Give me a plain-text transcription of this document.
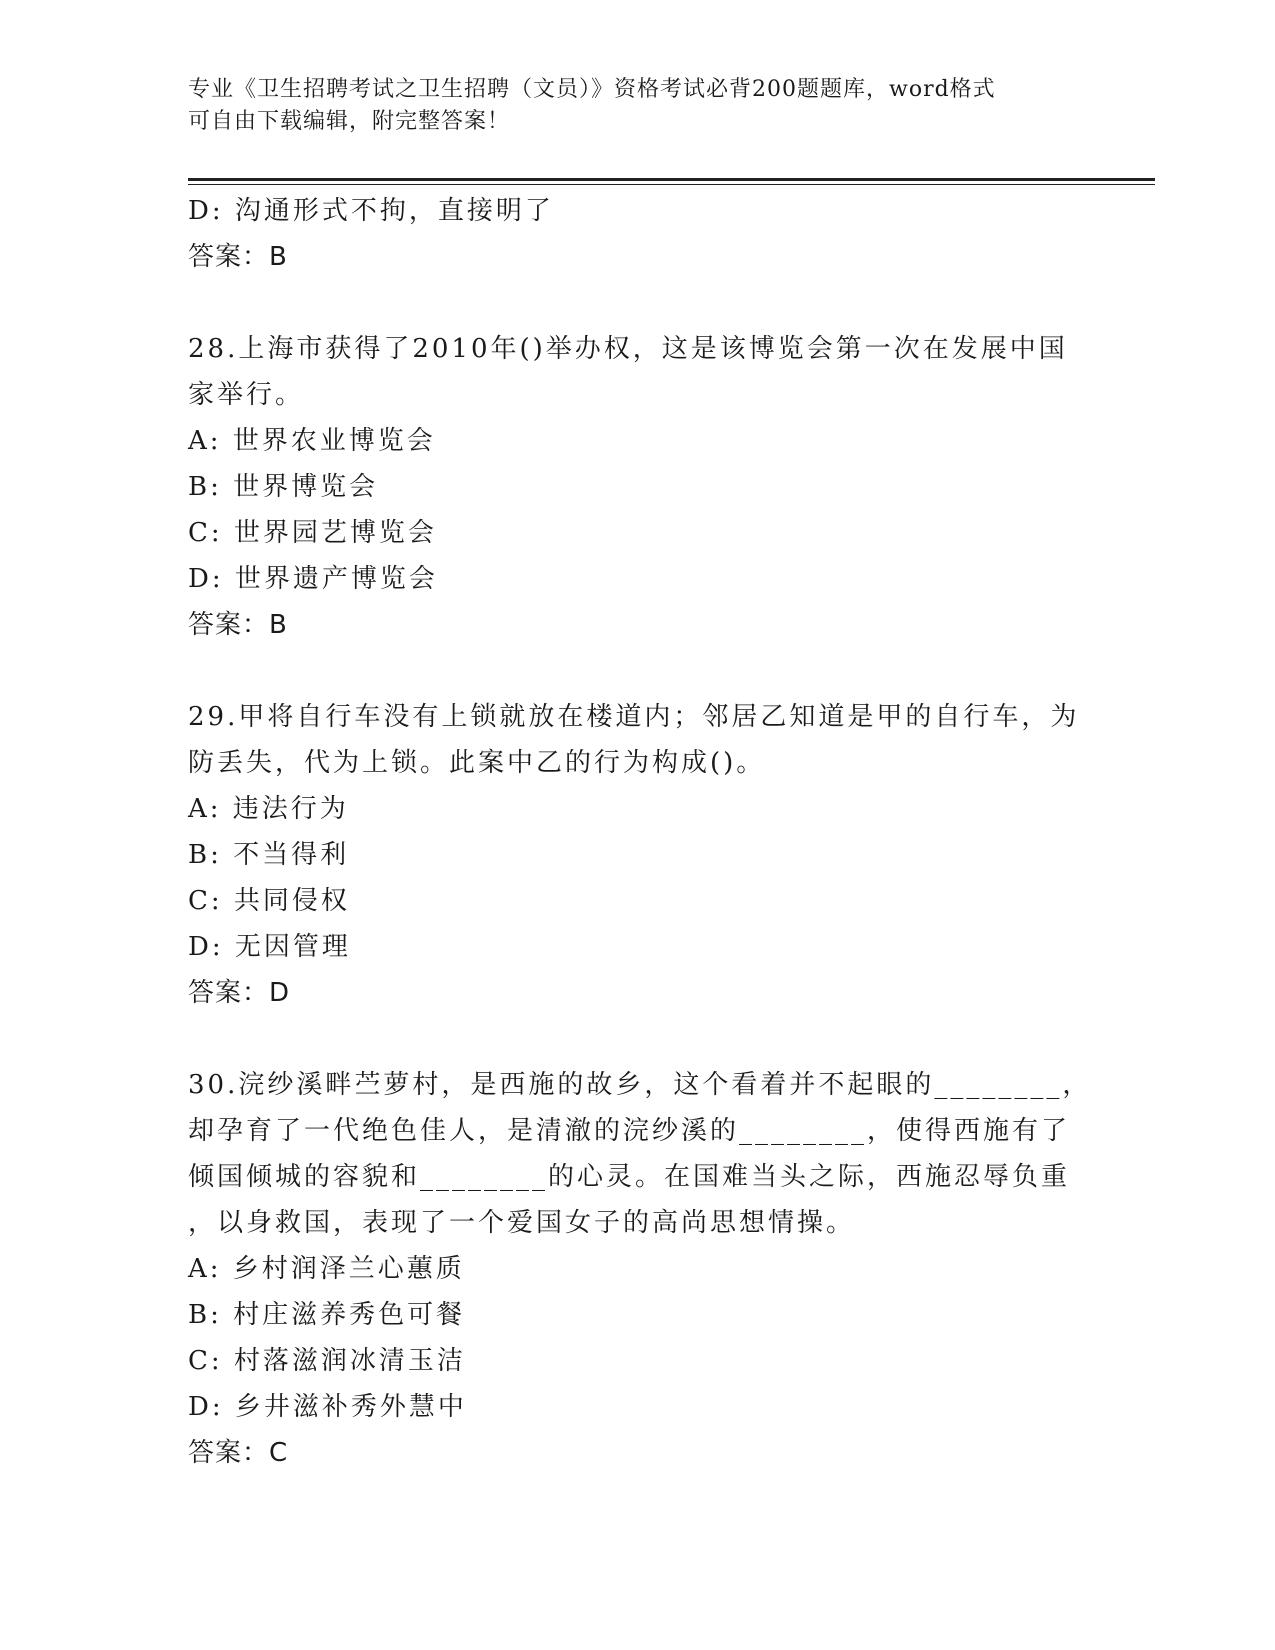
专业《卫生招聘考试之卫生招聘（文员）》资格考试必背200题题库，word格式
可自由下载编辑，附完整答案！
D: 沟通形式不拘，直接明了
答案：B
28.上海市获得了2010年()举办权，这是该博览会第一次在发展中国
家举行。
A: 世界农业博览会
B: 世界博览会
C: 世界园艺博览会
D: 世界遗产博览会
答案：B
29.甲将自行车没有上锁就放在楼道内；邻居乙知道是甲的自行车，为
防丢失，代为上锁。此案中乙的行为构成()。
A: 违法行为
B: 不当得利
C: 共同侵权
D: 无因管理
答案：D
30.浣纱溪畔苎萝村，是西施的故乡，这个看着并不起眼的________，
却孕育了一代绝色佳人，是清澈的浣纱溪的________，使得西施有了
倾国倾城的容貌和________的心灵。在国难当头之际，西施忍辱负重
，以身救国，表现了一个爱国女子的高尚思想情操。
A: 乡村润泽兰心蕙质
B: 村庄滋养秀色可餐
C: 村落滋润冰清玉洁
D: 乡井滋补秀外慧中
答案：C
